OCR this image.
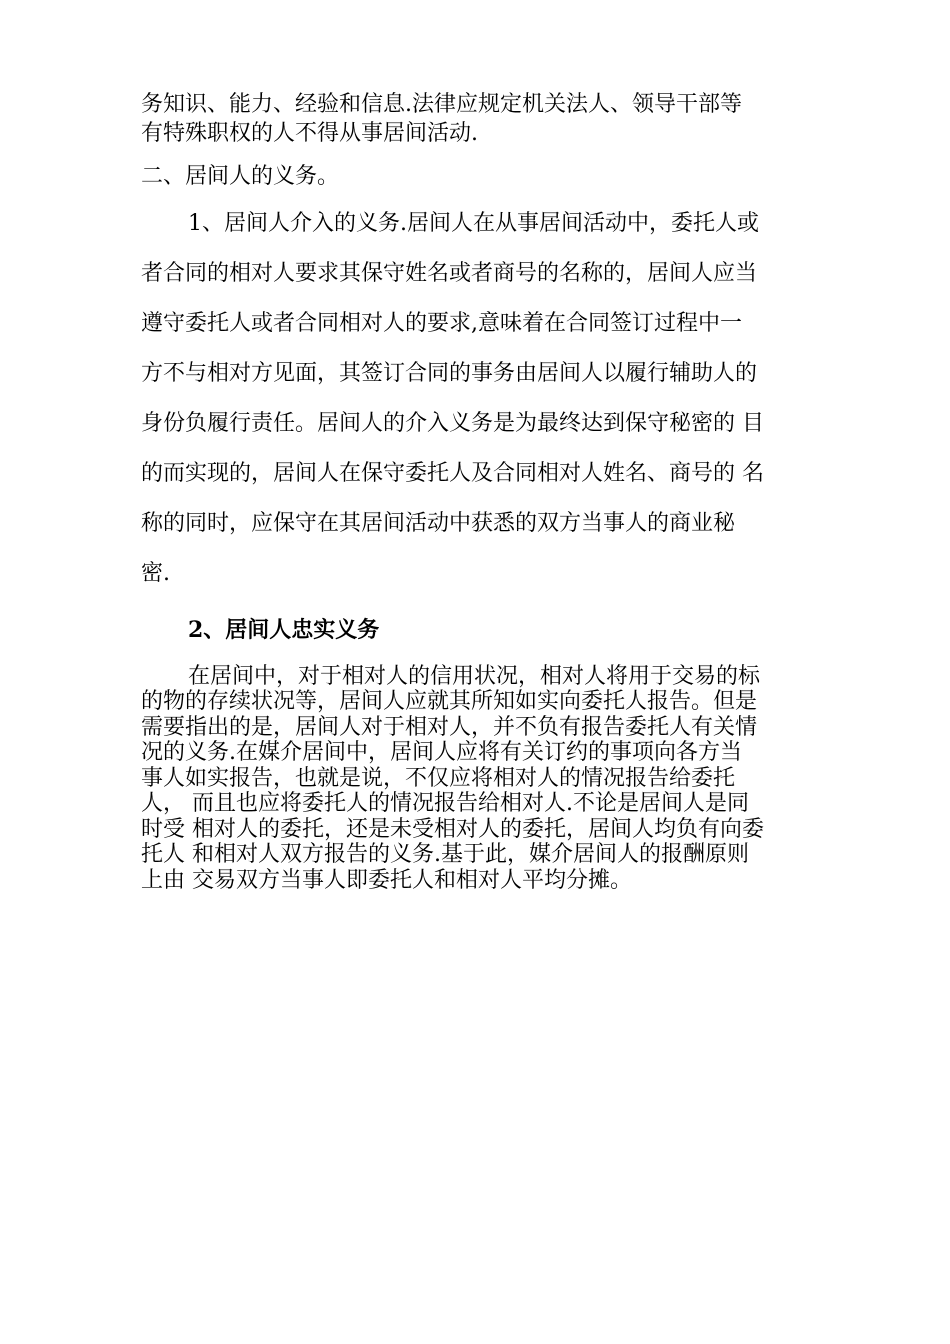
务知识、能力、经验和信息.法律应规定机关法人、领导干部等
有特殊职权的人不得从事居间活动.
二、居间人的义务。
1、居间人介入的义务.居间人在从事居间活动中，委托人或
者合同的相对人要求其保守姓名或者商号的名称的，居间人应当
遵守委托人或者合同相对人的要求,意味着在合同签订过程中一
方不与相对方见面，其签订合同的事务由居间人以履行辅助人的
身份负履行责任。居间人的介入义务是为最终达到保守秘密的 目
的而实现的，居间人在保守委托人及合同相对人姓名、商号的 名
称的同时，应保守在其居间活动中获悉的双方当事人的商业秘
密.
2、居间人忠实义务
在居间中，对于相对人的信用状况，相对人将用于交易的标
的物的存续状况等，居间人应就其所知如实向委托人报告。但是
需要指出的是，居间人对于相对人，并不负有报告委托人有关情
况的义务.在媒介居间中，居间人应将有关订约的事项向各方当
事人如实报告，也就是说，不仅应将相对人的情况报告给委托
人， 而且也应将委托人的情况报告给相对人.不论是居间人是同
时受 相对人的委托，还是未受相对人的委托，居间人均负有向委
托人 和相对人双方报告的义务.基于此，媒介居间人的报酬原则
上由 交易双方当事人即委托人和相对人平均分摊。
